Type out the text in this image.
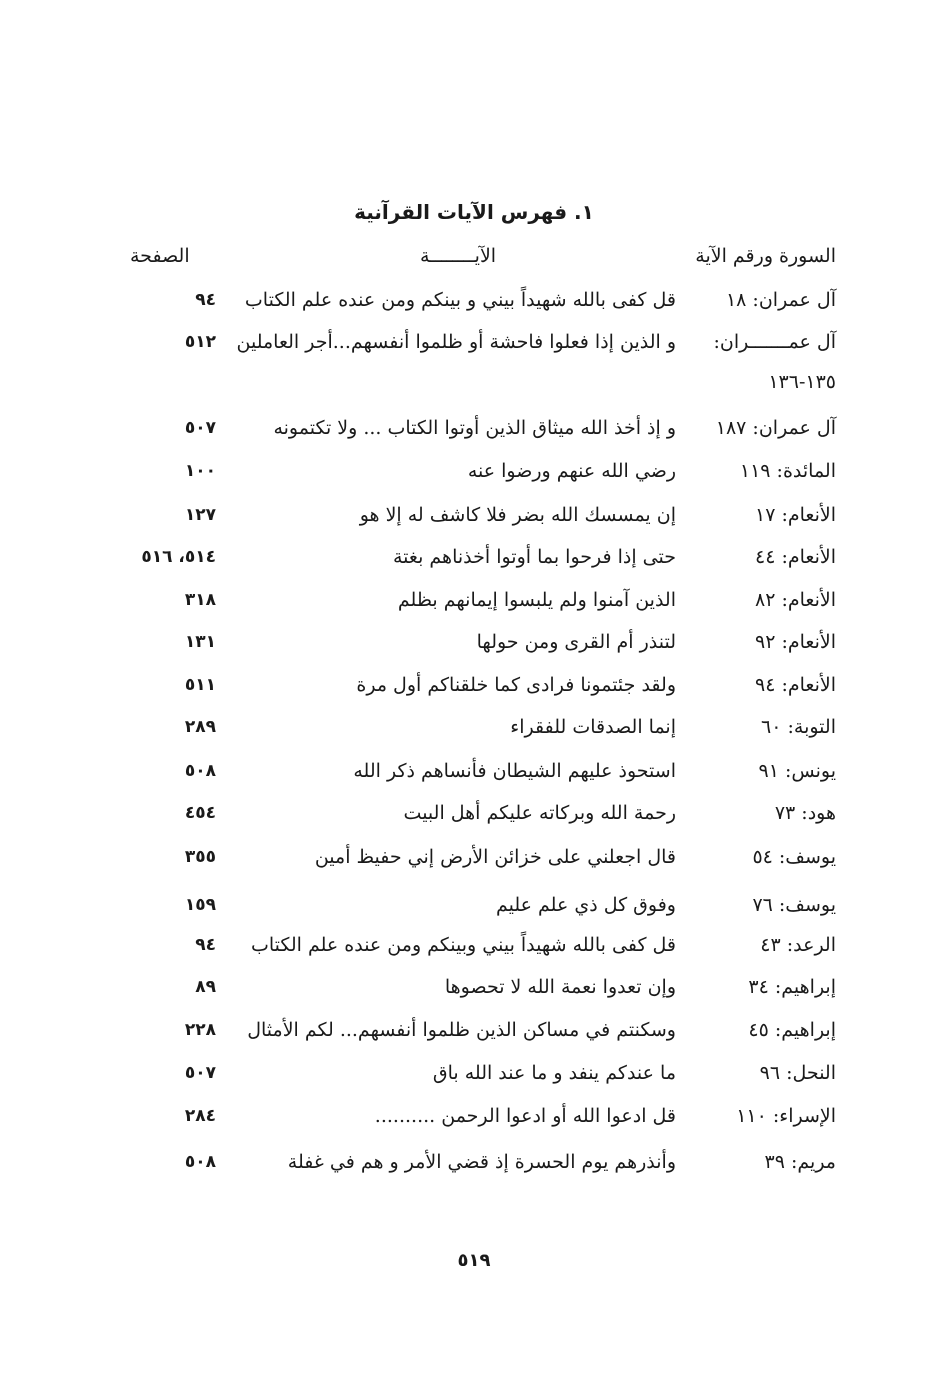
١. فهرس الآيات القرآنية
السورة ورقم الآية
الآيــــــــة
الصفحة
آل عمران: ١٨
قل كفى بالله شهيداً بيني و بينكم ومن عنده علم الكتاب
٩٤
آل عمـــــــران:
و الذين إذا فعلوا فاحشة أو ظلموا أنفسهم...أجر العاملين
٥١٢
١٣٥-١٣٦
آل عمران: ١٨٧
و إذ أخذ الله ميثاق الذين أوتوا الكتاب ... ولا تكتمونه
٥٠٧
المائدة: ١١٩
رضي الله عنهم ورضوا عنه
١٠٠
الأنعام: ١٧
إن يمسسك الله بضر فلا كاشف له إلا هو
١٢٧
الأنعام: ٤٤
حتى إذا فرحوا بما أوتوا أخذناهم بغتة
٥١٤، ٥١٦
الأنعام: ٨٢
الذين آمنوا ولم يلبسوا إيمانهم بظلم
٣١٨
الأنعام: ٩٢
لتنذر أم القرى ومن حولها
١٣١
الأنعام: ٩٤
ولقد جئتمونا فرادى كما خلقناكم أول مرة
٥١١
التوبة: ٦٠
إنما الصدقات للفقراء
٢٨٩
يونس: ٩١
استحوذ عليهم الشيطان فأنساهم ذكر الله
٥٠٨
هود: ٧٣
رحمة الله وبركاته عليكم أهل البيت
٤٥٤
يوسف: ٥٤
قال اجعلني على خزائن الأرض إني حفيظ أمين
٣٥٥
يوسف: ٧٦
وفوق كل ذي علم عليم
١٥٩
الرعد: ٤٣
قل كفى بالله شهيداً بيني وبينكم ومن عنده علم الكتاب
٩٤
إبراهيم: ٣٤
وإن تعدوا نعمة الله لا تحصوها
٨٩
إبراهيم: ٤٥
وسكنتم في مساكن الذين ظلموا أنفسهم... لكم الأمثال
٢٢٨
النحل: ٩٦
ما عندكم ينفد و ما عند الله باق
٥٠٧
الإسراء: ١١٠
قل ادعوا الله أو ادعوا الرحمن ..........
٢٨٤
مريم: ٣٩
وأنذرهم يوم الحسرة إذ قضي الأمر و هم في غفلة
٥٠٨
٥١٩
